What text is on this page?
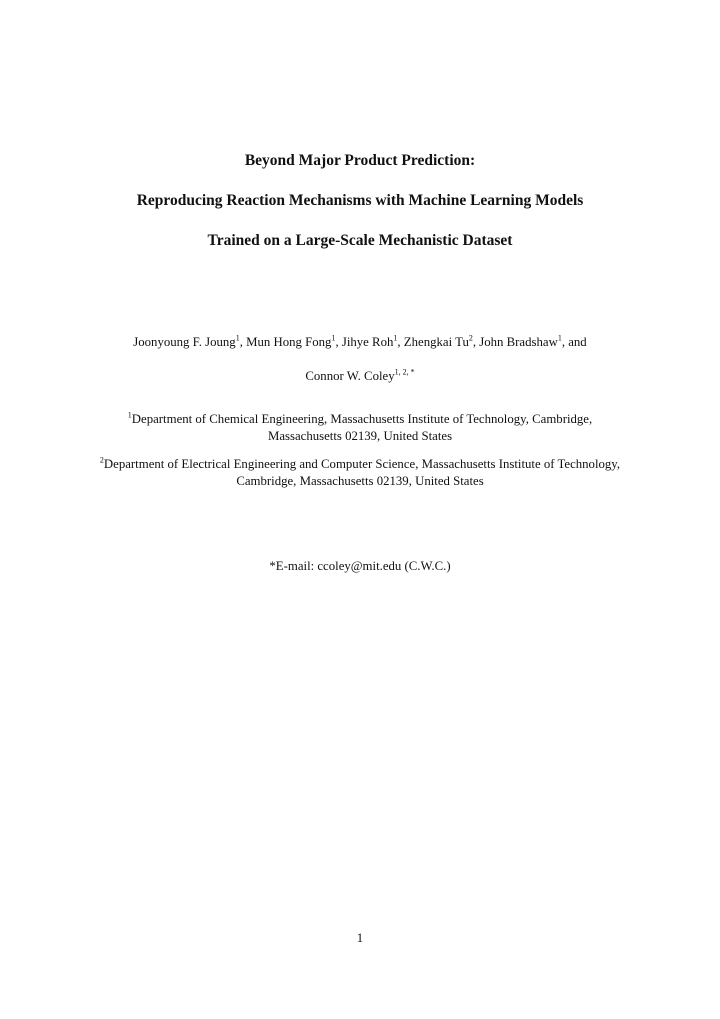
Beyond Major Product Prediction:
Reproducing Reaction Mechanisms with Machine Learning Models
Trained on a Large-Scale Mechanistic Dataset
Joonyoung F. Joung$^1$, Mun Hong Fong$^1$, Jihye Roh$^1$, Zhengkai Tu$^2$, John Bradshaw$^1$, and
Connor W. Coley$^{1, 2, *}$
$^1$Department of Chemical Engineering, Massachusetts Institute of Technology, Cambridge, Massachusetts 02139, United States
$^2$Department of Electrical Engineering and Computer Science, Massachusetts Institute of Technology, Cambridge, Massachusetts 02139, United States
*E-mail: ccoley@mit.edu (C.W.C.)
1
